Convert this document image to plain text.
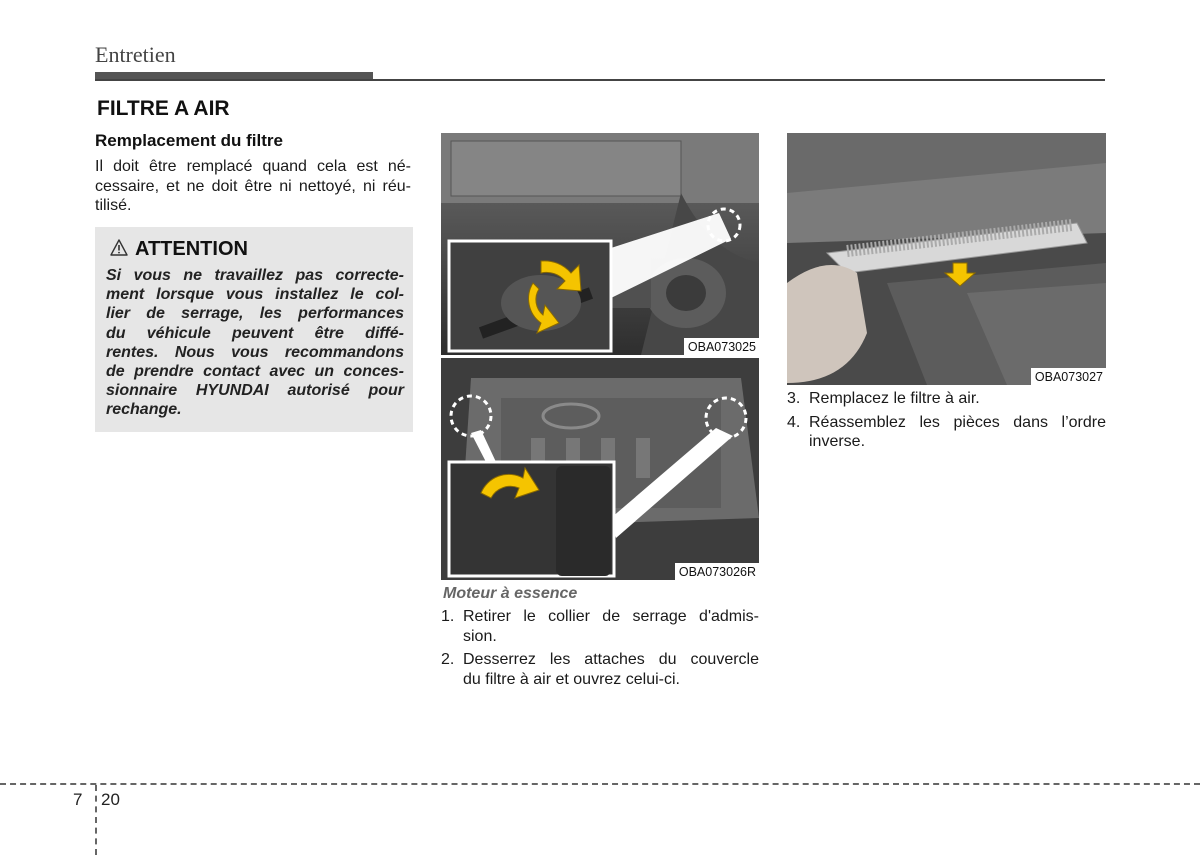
Entretien
FILTRE A AIR
Remplacement du filtre
Il doit être remplacé quand cela est né-
cessaire, et ne doit être ni nettoyé, ni réu-
tilisé.
ATTENTION
Si vous ne travaillez pas correcte-
ment lorsque vous installez le col-
lier de serrage, les performances
du véhicule peuvent être diffé-
rentes. Nous vous recommandons
de prendre contact avec un conces-
sionnaire HYUNDAI autorisé pour
rechange.
OBA073025
OBA073026R
OBA073027
Moteur à essence
1. Retirer le collier de serrage d'admis-
sion.
2. Desserrez les attaches du couvercle
du filtre à air et ouvrez celui-ci.
3. Remplacez le filtre à air.
4. Réassemblez les pièces dans l’ordre
inverse.
7 20
